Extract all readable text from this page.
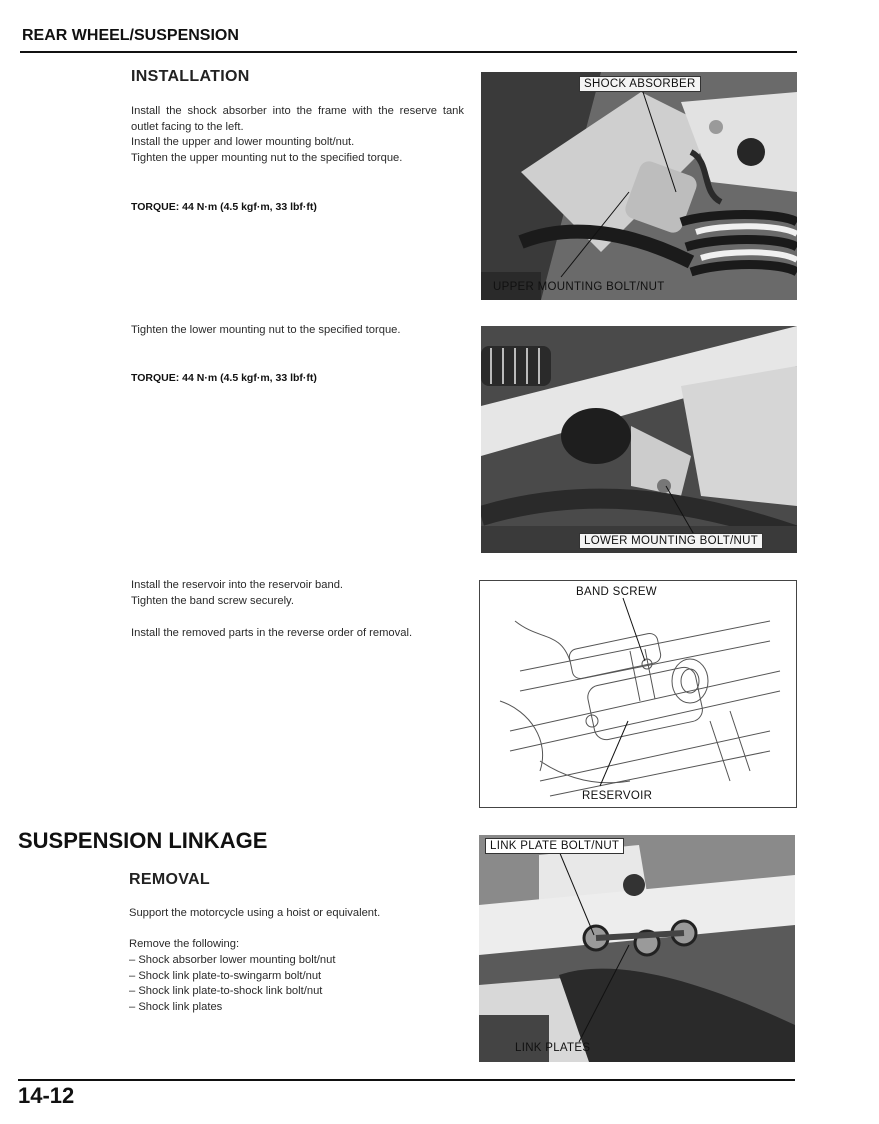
REAR WHEEL/SUSPENSION
INSTALLATION

Install the shock absorber into the frame with the reserve tank outlet facing to the left.

Install the upper and lower mounting bolt/nut.

Tighten the upper mounting nut to the specified torque.

TORQUE: 44 N·m (4.5 kgf·m, 33 lbf·ft)
Tighten the lower mounting nut to the specified torque.
TORQUE: 44 N·m (4.5 kgf·m, 33 lbf·ft)

Install the reservoir into the reservoir band.

Tighten the band screw securely.

Install the removed parts in the reverse order of removal.
SHOCK ABSORBER
UPPER MOUNTING BOLT/NUT
LOWER MOUNTING BOLT/NUT
BAND SCREW
RESERVOIR
SUSPENSION LINKAGE
REMOVAL
Support the motorcycle using a hoist or equivalent.
Remove the following:
– Shock absorber lower mounting bolt/nut
– Shock link plate-to-swingarm bolt/nut
– Shock link plate-to-shock link bolt/nut
– Shock link plates
LINK PLATE BOLT/NUT
LINK PLATES
14-12
